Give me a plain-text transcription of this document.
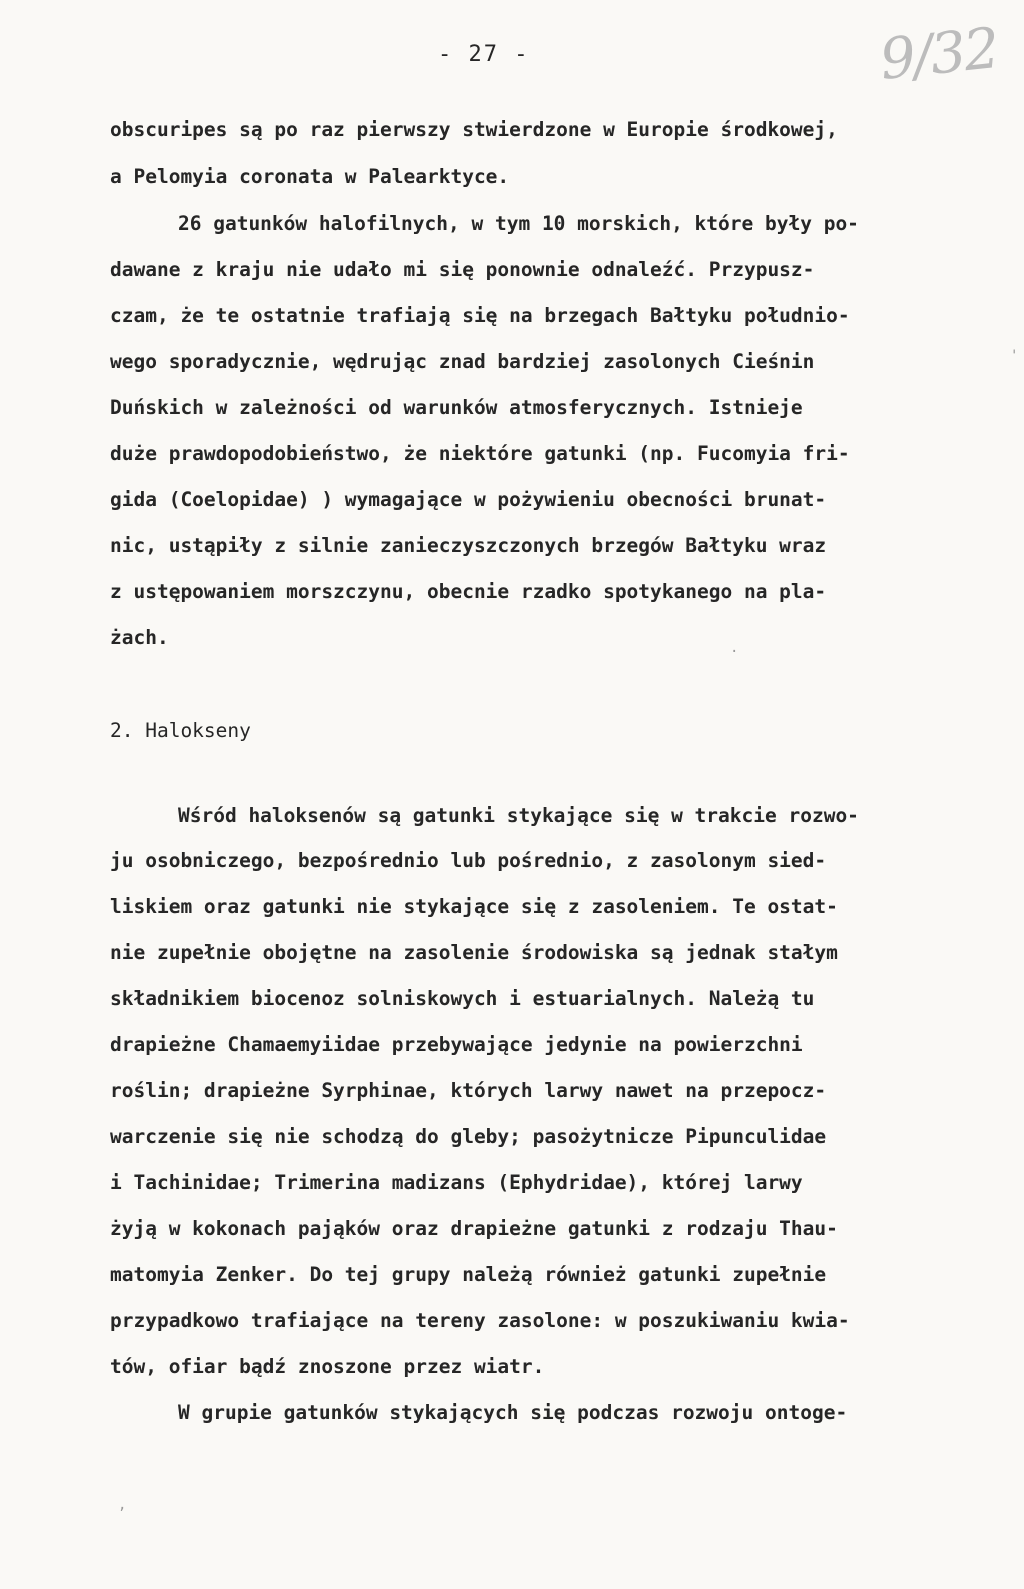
- 27 -	9/32
obscuripes są po raz pierwszy stwierdzone w Europie środkowej,
a Pelomyia coronata w Palearktyce.
26 gatunków halofilnych, w tym 10 morskich, które były po-
dawane z kraju nie udało mi się ponownie odnaleźć. Przypusz-
czam, że te ostatnie trafiają się na brzegach Bałtyku południo-
wego sporadycznie, wędrując znad bardziej zasolonych Cieśnin
Duńskich w zależności od warunków atmosferycznych. Istnieje
duże prawdopodobieństwo, że niektóre gatunki (np. Fucomyia fri-
gida (Coelopidae) ) wymagające w pożywieniu obecności brunat-
nic, ustąpiły z silnie zanieczyszczonych brzegów Bałtyku wraz
z ustępowaniem morszczynu, obecnie rzadko spotykanego na pla-
żach.
2. Halokseny
Wśród haloksenów są gatunki stykające się w trakcie rozwo-
ju osobniczego, bezpośrednio lub pośrednio, z zasolonym sied-
liskiem oraz gatunki nie stykające się z zasoleniem. Te ostat-
nie zupełnie obojętne na zasolenie środowiska są jednak stałym
składnikiem biocenoz solniskowych i estuarialnych. Należą tu
drapieżne Chamaemyiidae przebywające jedynie na powierzchni
roślin; drapieżne Syrphinae, których larwy nawet na przepocz-
warczenie się nie schodzą do gleby; pasożytnicze Pipunculidae
i Tachinidae; Trimerina madizans (Ephydridae), której larwy
żyją w kokonach pająków oraz drapieżne gatunki z rodzaju Thau-
matomyia Zenker. Do tej grupy należą również gatunki zupełnie
przypadkowo trafiające na tereny zasolone: w poszukiwaniu kwia-
tów, ofiar bądź znoszone przez wiatr.
W grupie gatunków stykających się podczas rozwoju ontoge-
'
.
,
